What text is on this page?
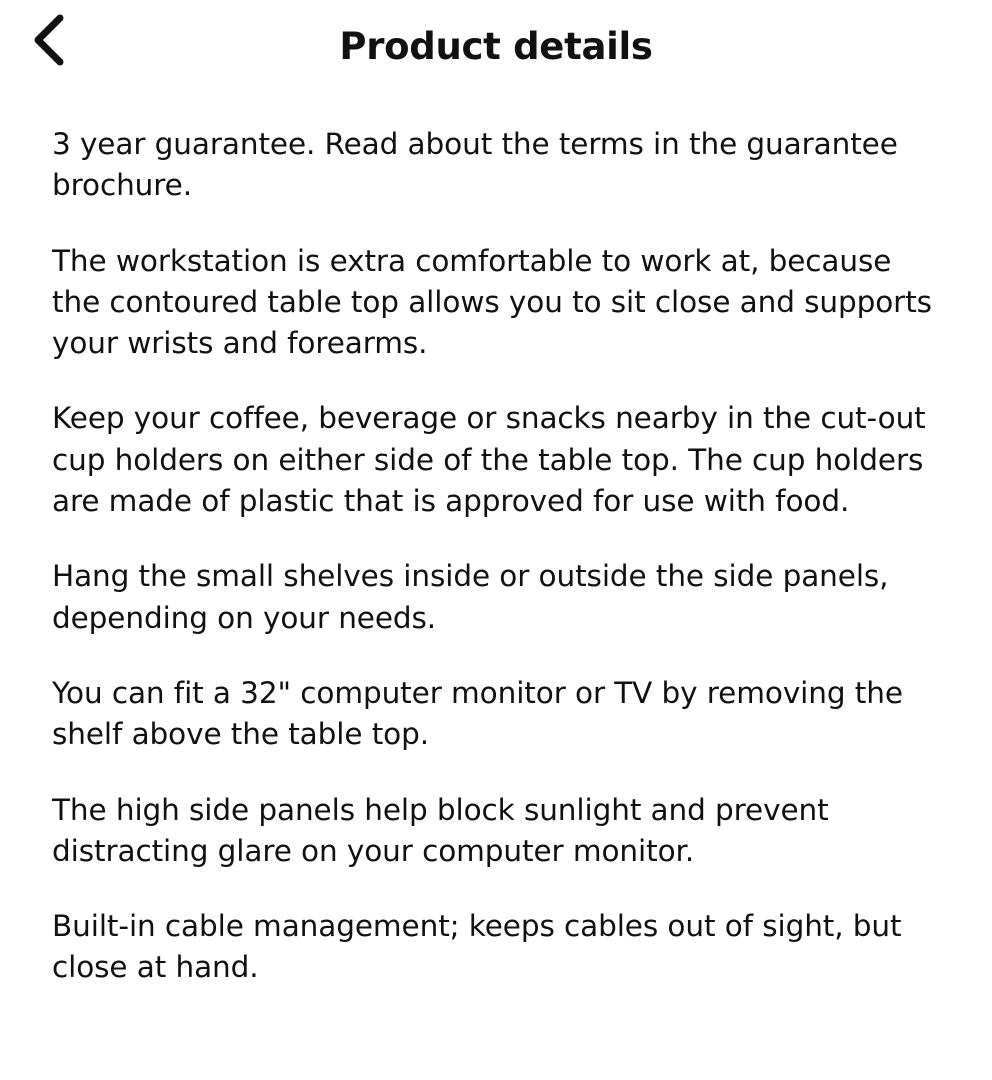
Product details

3 year guarantee. Read about the terms in the guarantee brochure.

The workstation is extra comfortable to work at, because the contoured table top allows you to sit close and supports your wrists and forearms.

Keep your coffee, beverage or snacks nearby in the cut-out cup holders on either side of the table top. The cup holders are made of plastic that is approved for use with food.

Hang the small shelves inside or outside the side panels, depending on your needs.

You can fit a 32" computer monitor or TV by removing the shelf above the table top.

The high side panels help block sunlight and prevent distracting glare on your computer monitor.

Built-in cable management; keeps cables out of sight, but close at hand.
